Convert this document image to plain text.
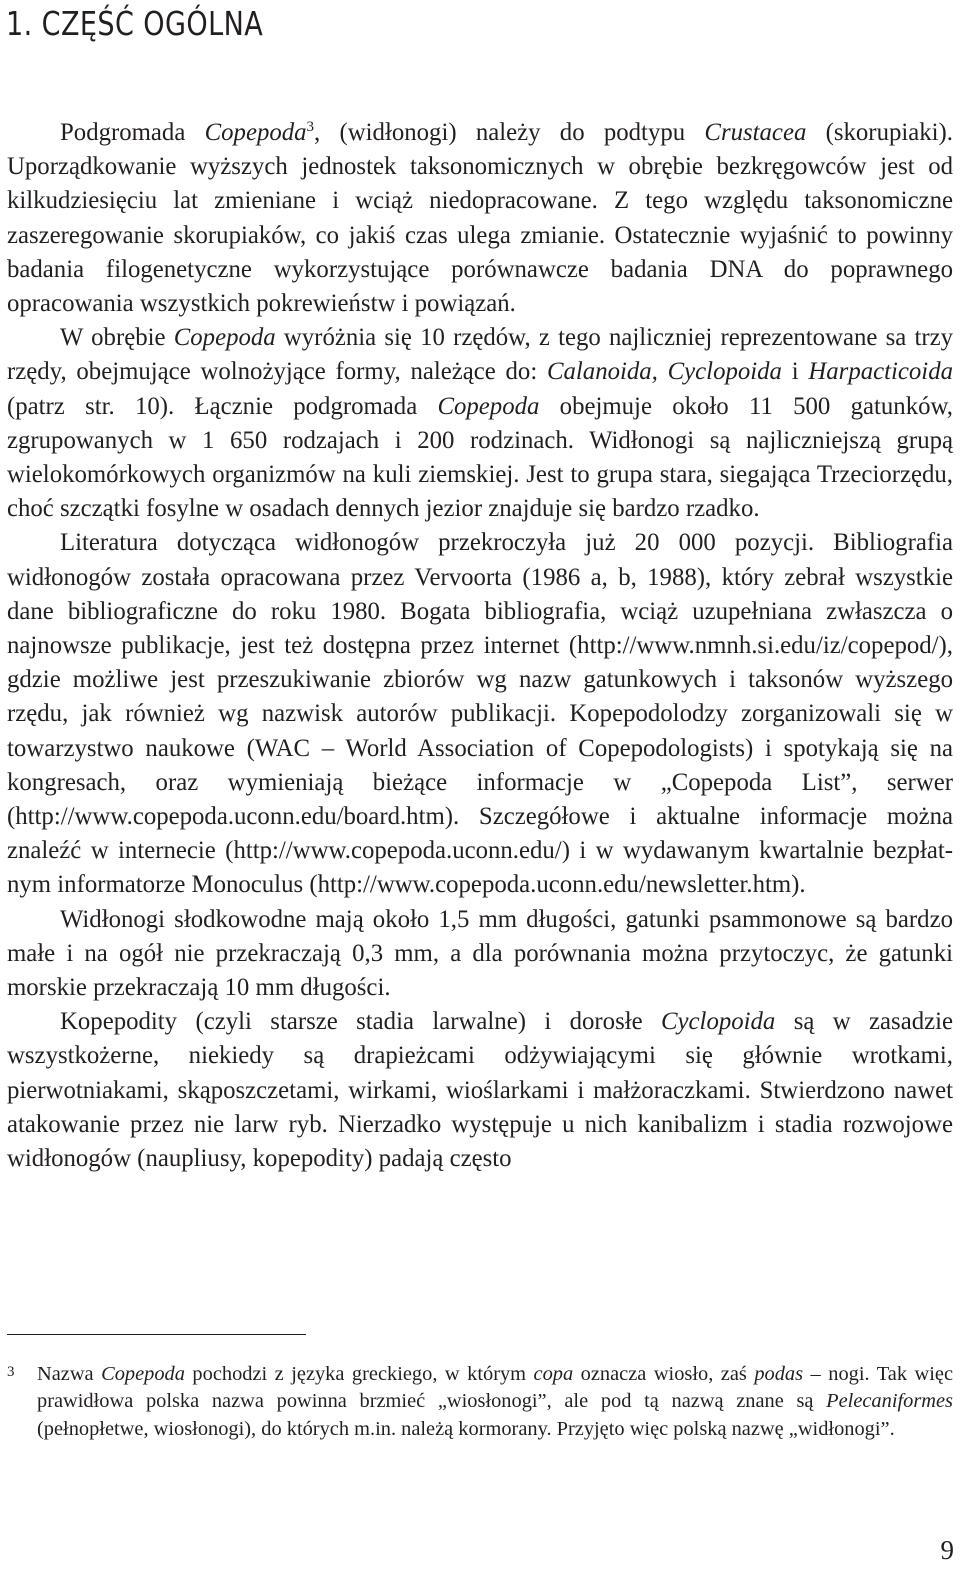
1. CZĘŚĆ OGÓLNA

Podgromada Copepoda$^3$, (widłonogi) należy do podtypu Crustacea (skorupiaki). Uporządkowanie wyższych jednostek taksonomicznych w obrębie bezkręgowców jest od kilkudziesięciu lat zmieniane i wciąż niedopracowane. Z tego względu taksonomiczne zaszeregowanie skorupiaków, co jakiś czas ulega zmianie. Ostatecznie wyjaśnić to powinny badania filogenetyczne wykorzystujące porównawcze badania DNA do poprawnego opracowania wszystkich pokrewieństw i powiązań.

W obrębie Copepoda wyróżnia się 10 rzędów, z tego najliczniej reprezentowane sa trzy rzędy, obejmujące wolnożyjące formy, należące do: Calanoida, Cyclopoida i Harpacticoida (patrz str. 10). Łącznie podgromada Copepoda obejmuje około 11 500 gatunków, zgrupowanych w 1 650 rodzajach i 200 rodzinach. Widłonogi są najliczniejszą grupą wielokomórkowych organizmów na kuli ziemskiej. Jest to grupa stara, siegająca Trzeciorzędu, choć szczątki fosylne w osadach dennych jezior znajduje się bardzo rzadko.

Literatura dotycząca widłonogów przekroczyła już 20 000 pozycji. Bibliografia widłonogów została opracowana przez Vervoorta (1986 a, b, 1988), który zebrał wszystkie dane bibliograficzne do roku 1980. Bogata bibliografia, wciąż uzupełniana zwłaszcza o najnowsze publikacje, jest też dostępna przez internet (http://www.nmnh.si.edu/iz/copepod/), gdzie możliwe jest przeszukiwanie zbiorów wg nazw gatunkowych i taksonów wyższego rzędu, jak również wg nazwisk autorów publikacji. Kopepodolodzy zorganizowali się w towarzystwo naukowe (WAC – World Association of Copepodologists) i spotykają się na kongresach, oraz wymieniają bieżące informacje w „Copepoda List”, serwer (http://www.copepoda.uconn.edu/board.htm). Szczegółowe i aktualne informacje można znaleźć w internecie (http://www.copepoda.uconn.edu/) i w wydawanym kwartalnie bezpłatnym informatorze Monoculus (http://www.copepoda.uconn.edu/newsletter.htm).

Widłonogi słodkowodne mają około 1,5 mm długości, gatunki psammonowe są bardzo małe i na ogół nie przekraczają 0,3 mm, a dla porównania można przytoczyc, że gatunki morskie przekraczają 10 mm długości.

Kopepodity (czyli starsze stadia larwalne) i dorosłe Cyclopoida są w zasadzie wszystkożerne, niekiedy są drapieżcami odżywiającymi się głównie wrotkami, pierwotniakami, skąposzczetami, wirkami, wioślarkami i małżoraczkami. Stwierdzono nawet atakowanie przez nie larw ryb. Nierzadko występuje u nich kanibalizm i stadia rozwojowe widłonogów (naupliusy, kopepodity) padają często

3 Nazwa Copepoda pochodzi z języka greckiego, w którym copa oznacza wiosło, zaś podas – nogi. Tak więc prawidłowa polska nazwa powinna brzmieć „wiosłonogi”, ale pod tą nazwą znane są Pelecaniformes (pełnopłetwe, wiosłonogi), do których m.in. należą kormorany. Przyjęto więc polską nazwę „widłonogi”.

9
